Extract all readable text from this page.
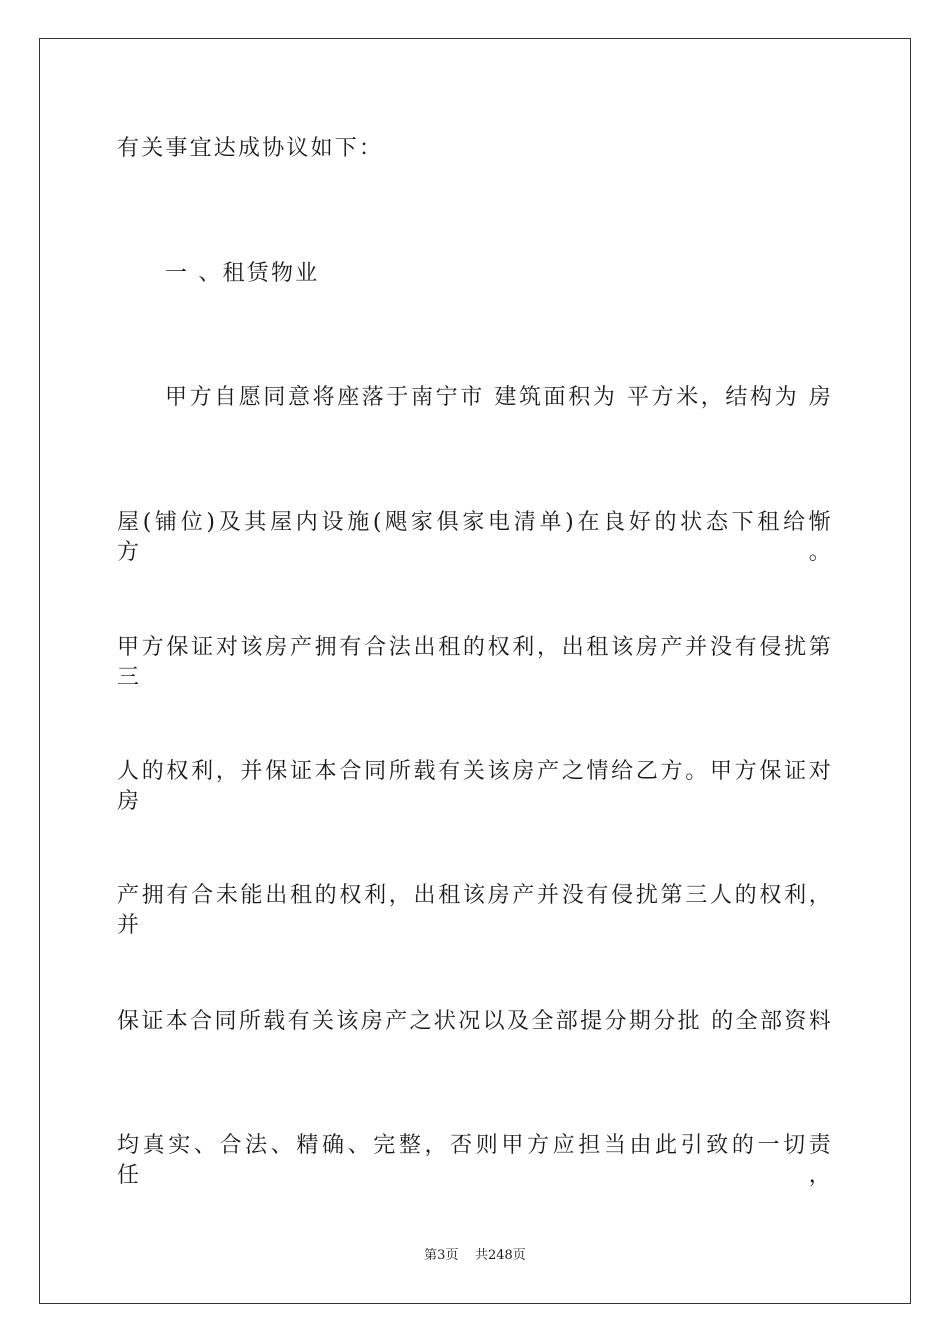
有关事宜达成协议如下：
一 、租赁物业
甲方自愿同意将座落于南宁市 建筑面积为 平方米，结构为 房
屋(铺位)及其屋内设施(飓家俱家电清单)在良好的状态下租给惭方。
甲方保证对该房产拥有合法出租的权利，出租该房产并没有侵扰第三
人的权利，并保证本合同所载有关该房产之情给乙方。甲方保证对房
产拥有合未能出租的权利，出租该房产并没有侵扰第三人的权利，并
保证本合同所载有关该房产之状况以及全部提分期分批 的全部资料
均真实、合法、精确、完整，否则甲方应担当由此引致的一切责任，
第3页 共248页
